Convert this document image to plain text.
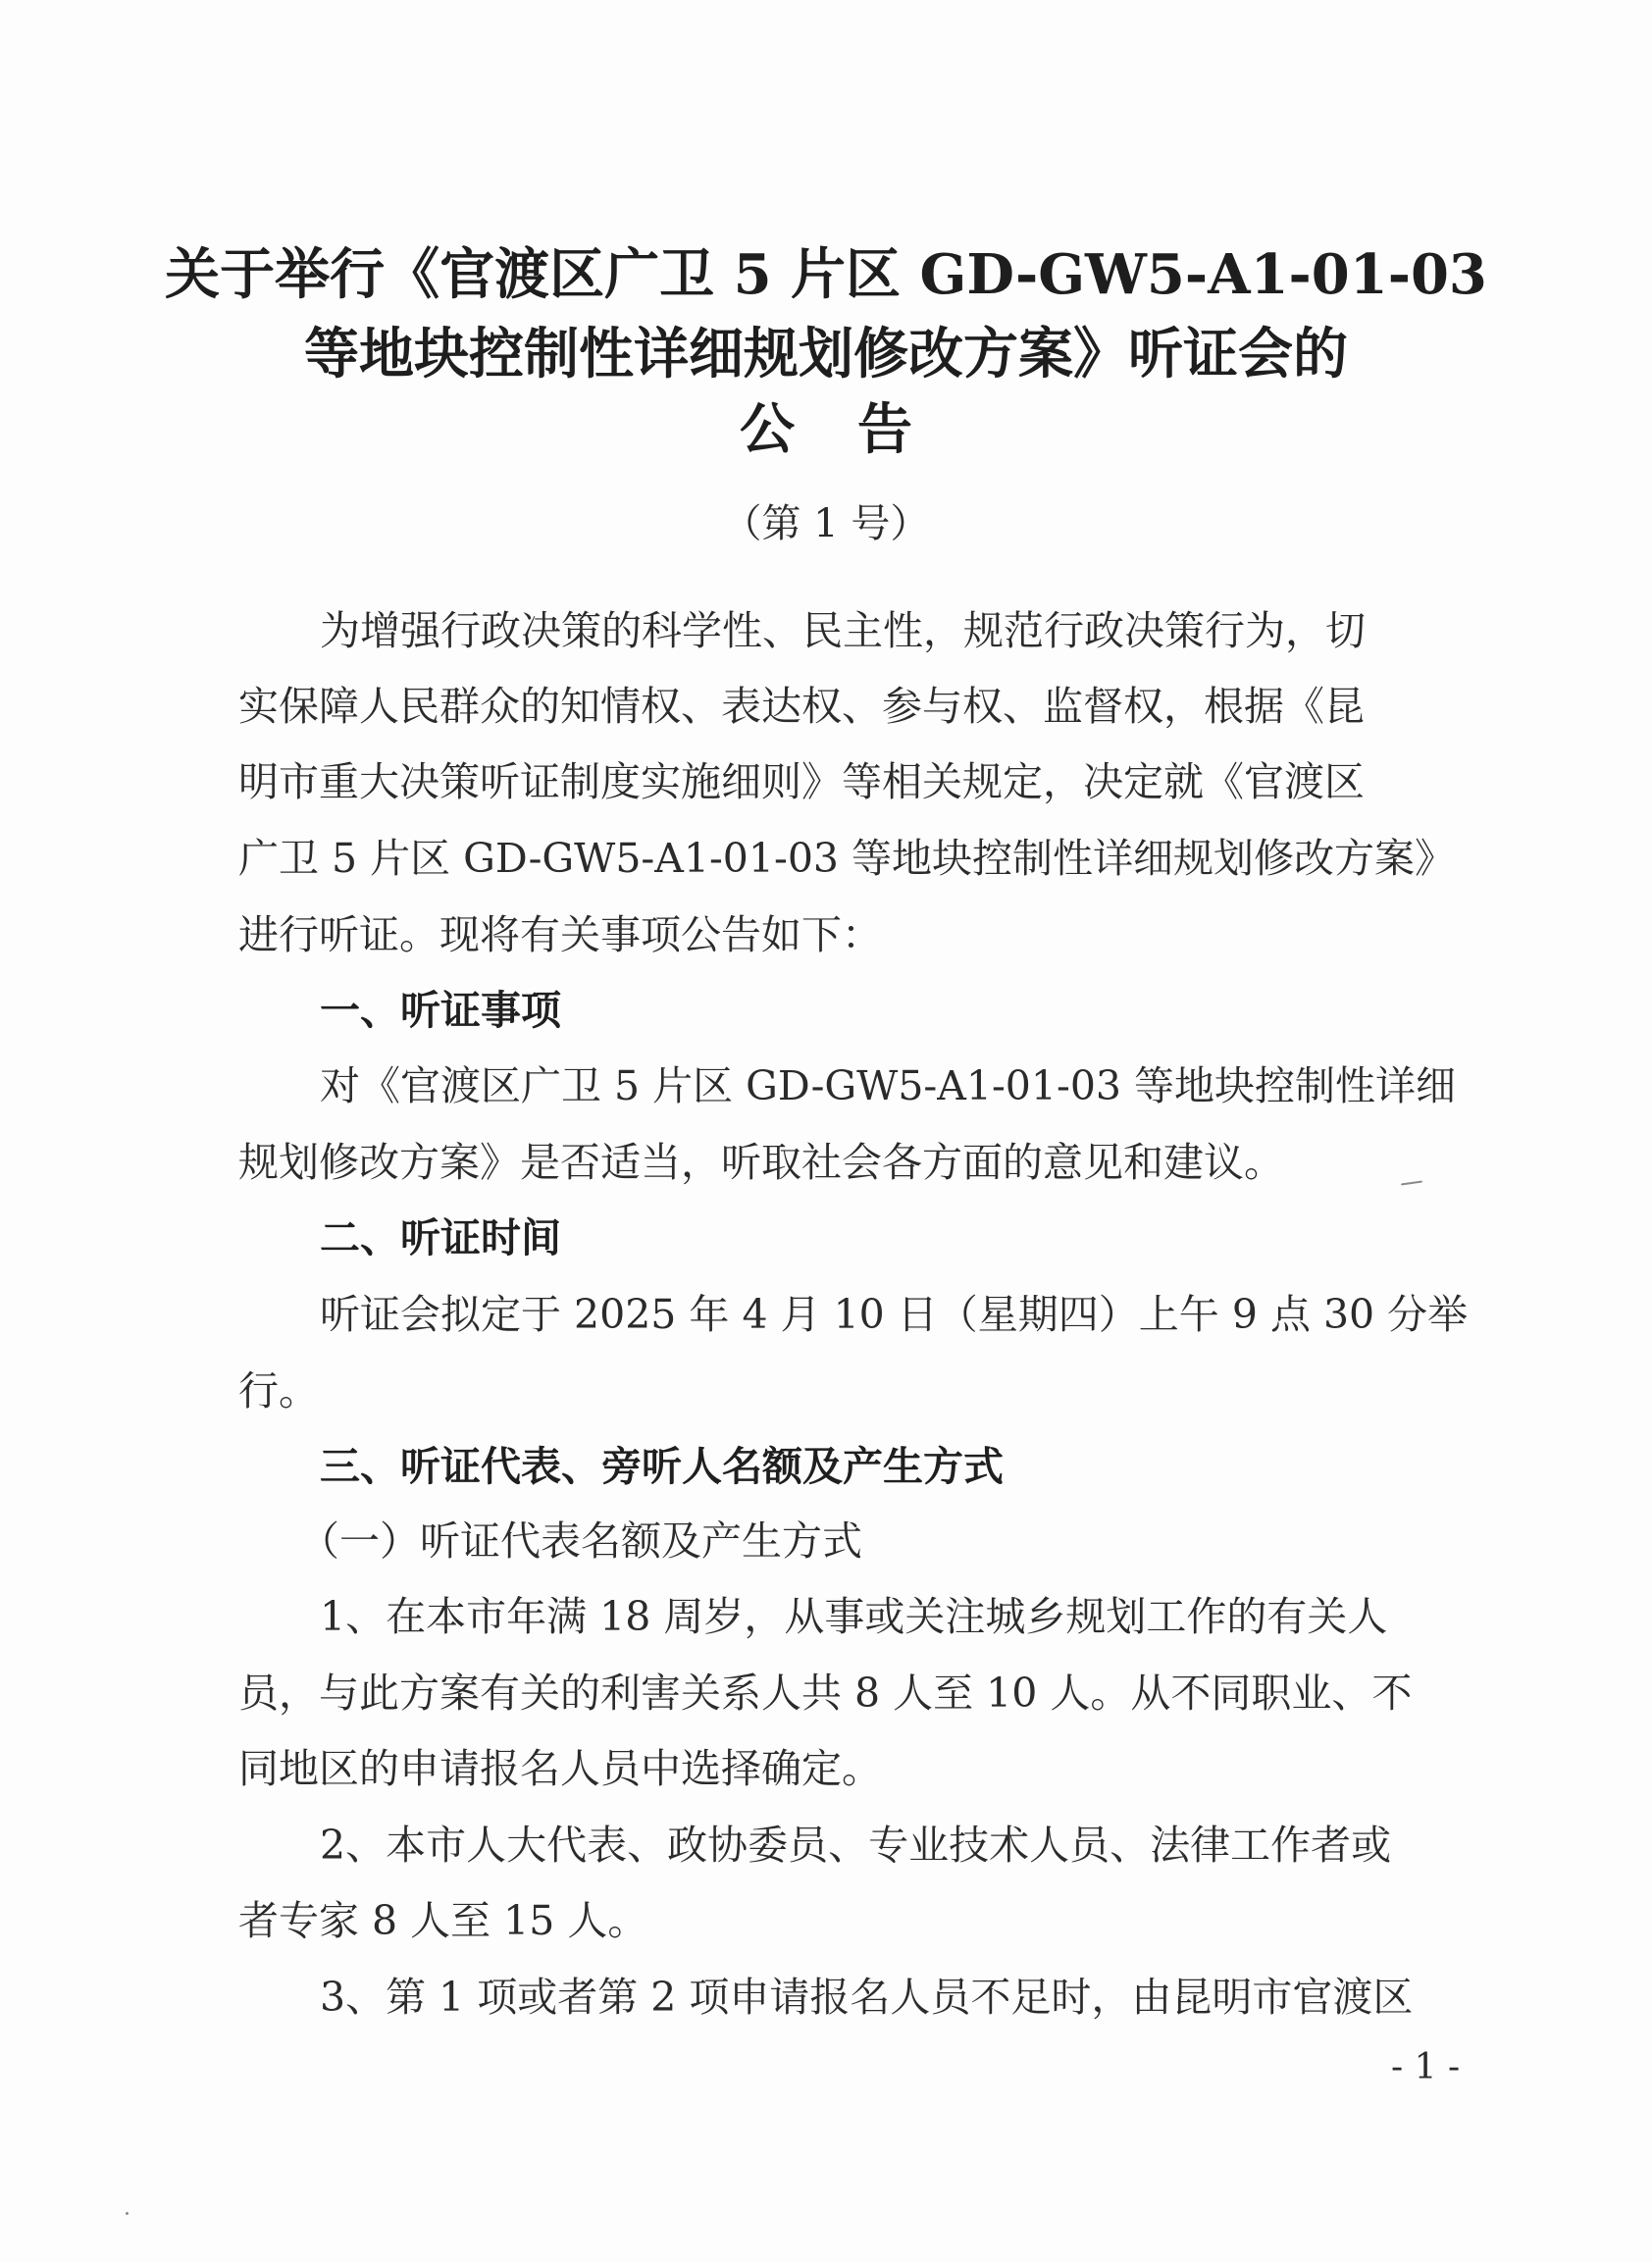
关于举行《官渡区广卫 5 片区 GD-GW5-A1-01-03
等地块控制性详细规划修改方案》听证会的
公告
（第 1 号）
为增强行政决策的科学性、民主性，规范行政决策行为，切
实保障人民群众的知情权、表达权、参与权、监督权，根据《昆
明市重大决策听证制度实施细则》等相关规定，决定就《官渡区
广卫 5 片区 GD-GW5-A1-01-03 等地块控制性详细规划修改方案》
进行听证。现将有关事项公告如下：
一、听证事项
对《官渡区广卫 5 片区 GD-GW5-A1-01-03 等地块控制性详细
规划修改方案》是否适当，听取社会各方面的意见和建议。
二、听证时间
听证会拟定于 2025 年 4 月 10 日（星期四）上午 9 点 30 分举
行。
三、听证代表、旁听人名额及产生方式
（一）听证代表名额及产生方式
1、在本市年满 18 周岁，从事或关注城乡规划工作的有关人
员，与此方案有关的利害关系人共 8 人至 10 人。从不同职业、不
同地区的申请报名人员中选择确定。
2、本市人大代表、政协委员、专业技术人员、法律工作者或
者专家 8 人至 15 人。
3、第 1 项或者第 2 项申请报名人员不足时，由昆明市官渡区
- 1 -
